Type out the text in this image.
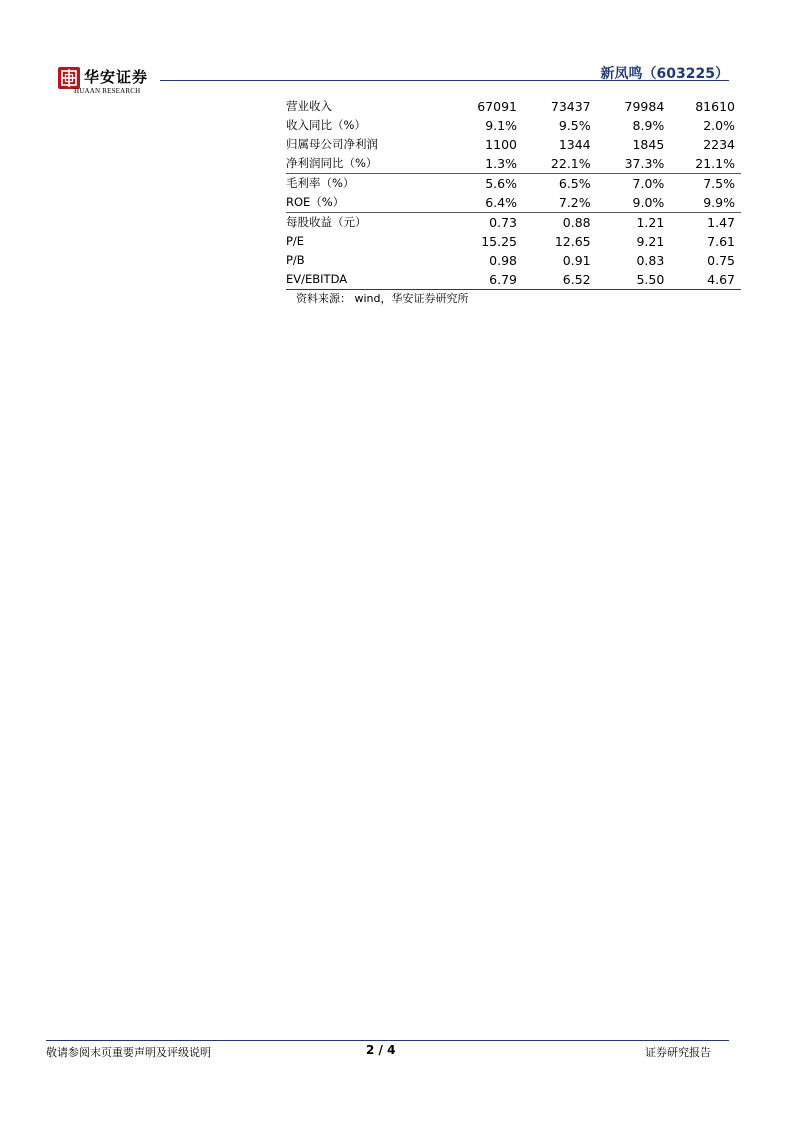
华安证券
HUAAN RESEARCH
新凤鸣（603225）
营业收入	67091	73437	79984	81610
收入同比（%）	9.1%	9.5%	8.9%	2.0%
归属母公司净利润	1100	1344	1845	2234
净利润同比（%）	1.3%	22.1%	37.3%	21.1%
毛利率（%）	5.6%	6.5%	7.0%	7.5%
ROE（%）	6.4%	7.2%	9.0%	9.9%
每股收益（元）	0.73	0.88	1.21	1.47
P/E	15.25	12.65	9.21	7.61
P/B	0.98	0.91	0.83	0.75
EV/EBITDA	6.79	6.52	5.50	4.67
资料来源： wind，华安证券研究所
敬请参阅末页重要声明及评级说明	2 / 4	证券研究报告
